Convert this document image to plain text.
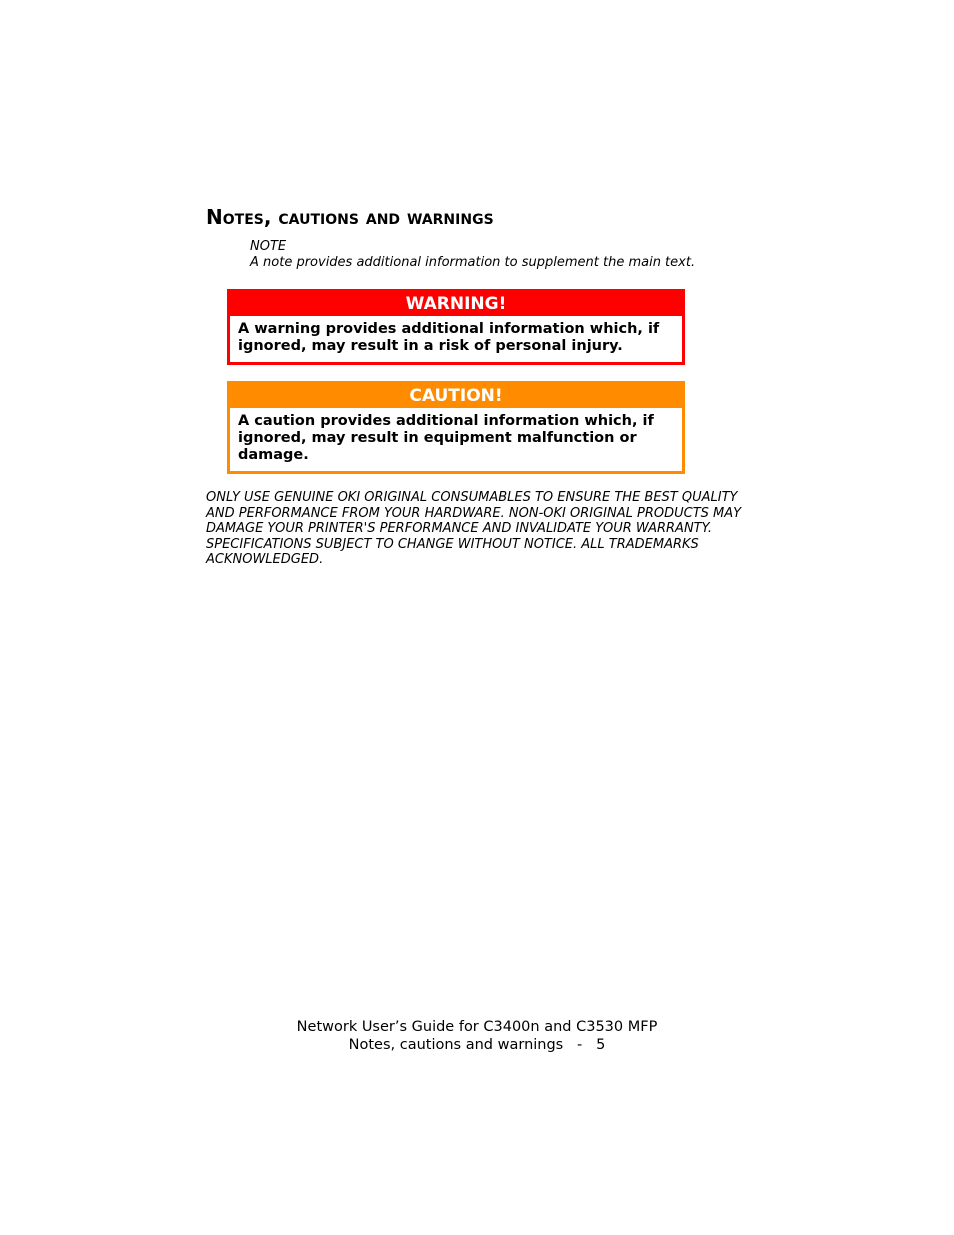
Notes, cautions and warnings
NOTE
A note provides additional information to supplement the main text.
WARNING!
A warning provides additional information which, if
ignored, may result in a risk of personal injury.
CAUTION!
A caution provides additional information which, if
ignored, may result in equipment malfunction or
damage.
ONLY USE GENUINE OKI ORIGINAL CONSUMABLES TO ENSURE THE BEST QUALITY
AND PERFORMANCE FROM YOUR HARDWARE. NON-OKI ORIGINAL PRODUCTS MAY
DAMAGE YOUR PRINTER'S PERFORMANCE AND INVALIDATE YOUR WARRANTY.
SPECIFICATIONS SUBJECT TO CHANGE WITHOUT NOTICE. ALL TRADEMARKS
ACKNOWLEDGED.
Network User’s Guide for C3400n and C3530 MFP
Notes, cautions and warnings   -   5
